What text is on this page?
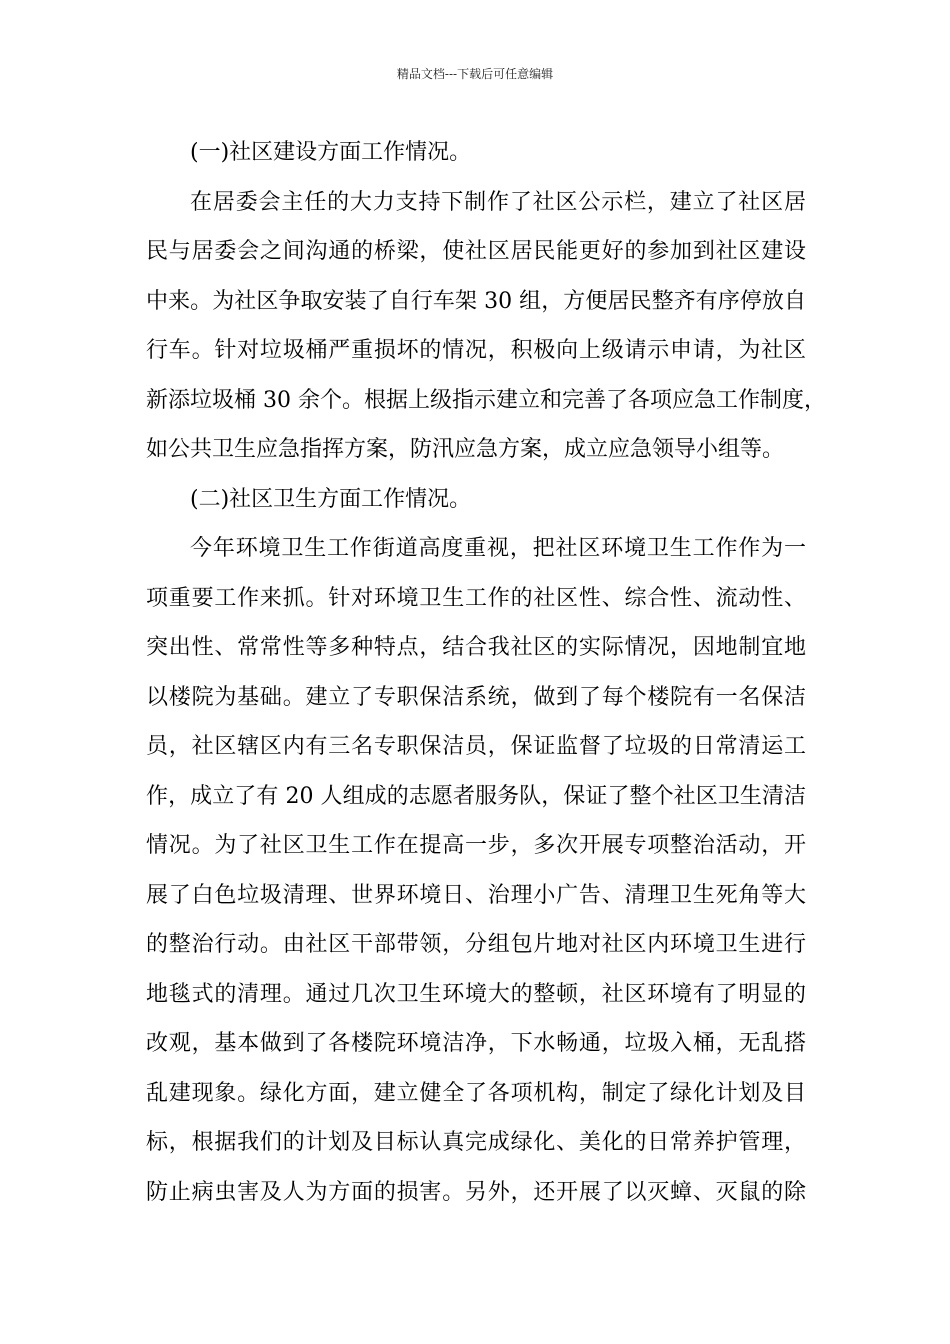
精品文档---下载后可任意编辑
(一)社区建设方面工作情况。
在居委会主任的大力支持下制作了社区公示栏，建立了社区居
民与居委会之间沟通的桥梁，使社区居民能更好的参加到社区建设
中来。为社区争取安装了自行车架 30 组，方便居民整齐有序停放自
行车。针对垃圾桶严重损坏的情况，积极向上级请示申请，为社区
新添垃圾桶 30 余个。根据上级指示建立和完善了各项应急工作制度，
如公共卫生应急指挥方案，防汛应急方案，成立应急领导小组等。
(二)社区卫生方面工作情况。
今年环境卫生工作街道高度重视，把社区环境卫生工作作为一
项重要工作来抓。针对环境卫生工作的社区性、综合性、流动性、
突出性、常常性等多种特点，结合我社区的实际情况，因地制宜地
以楼院为基础。建立了专职保洁系统，做到了每个楼院有一名保洁
员，社区辖区内有三名专职保洁员，保证监督了垃圾的日常清运工
作，成立了有 20 人组成的志愿者服务队，保证了整个社区卫生清洁
情况。为了社区卫生工作在提高一步，多次开展专项整治活动，开
展了白色垃圾清理、世界环境日、治理小广告、清理卫生死角等大
的整治行动。由社区干部带领，分组包片地对社区内环境卫生进行
地毯式的清理。通过几次卫生环境大的整顿，社区环境有了明显的
改观，基本做到了各楼院环境洁净，下水畅通，垃圾入桶，无乱搭
乱建现象。绿化方面，建立健全了各项机构，制定了绿化计划及目
标，根据我们的计划及目标认真完成绿化、美化的日常养护管理，
防止病虫害及人为方面的损害。另外，还开展了以灭蟑、灭鼠的除
